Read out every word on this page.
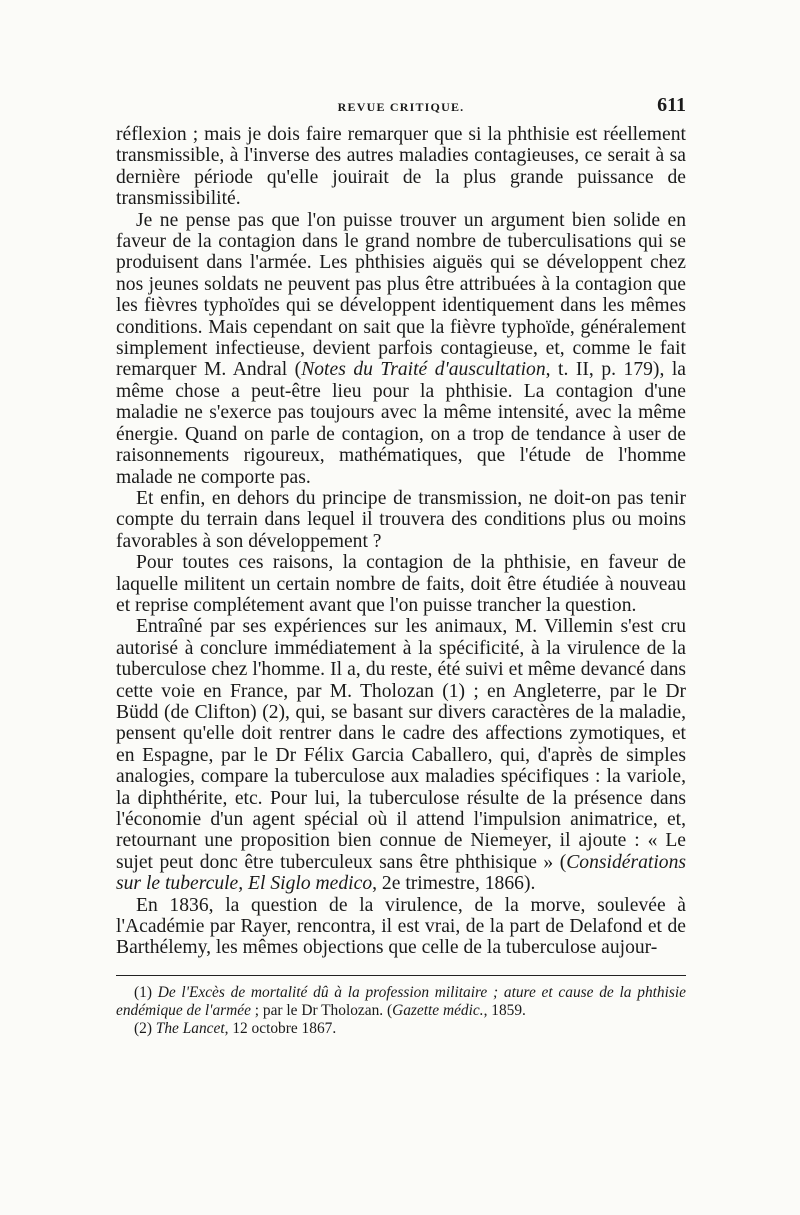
REVUE CRITIQUE.	611

réflexion ; mais je dois faire remarquer que si la phthisie est réellement transmissible, à l'inverse des autres maladies contagieuses, ce serait à sa dernière période qu'elle jouirait de la plus grande puissance de transmissibilité.

Je ne pense pas que l'on puisse trouver un argument bien solide en faveur de la contagion dans le grand nombre de tuberculisations qui se produisent dans l'armée. Les phthisies aiguës qui se développent chez nos jeunes soldats ne peuvent pas plus être attribuées à la contagion que les fièvres typhoïdes qui se développent identiquement dans les mêmes conditions. Mais cependant on sait que la fièvre typhoïde, généralement simplement infectieuse, devient parfois contagieuse, et, comme le fait remarquer M. Andral (Notes du Traité d'auscultation, t. II, p. 179), la même chose a peut-être lieu pour la phthisie. La contagion d'une maladie ne s'exerce pas toujours avec la même intensité, avec la même énergie. Quand on parle de contagion, on a trop de tendance à user de raisonnements rigoureux, mathématiques, que l'étude de l'homme malade ne comporte pas.

Et enfin, en dehors du principe de transmission, ne doit-on pas tenir compte du terrain dans lequel il trouvera des conditions plus ou moins favorables à son développement ?

Pour toutes ces raisons, la contagion de la phthisie, en faveur de laquelle militent un certain nombre de faits, doit être étudiée à nouveau et reprise complétement avant que l'on puisse trancher la question.

Entraîné par ses expériences sur les animaux, M. Villemin s'est cru autorisé à conclure immédiatement à la spécificité, à la virulence de la tuberculose chez l'homme. Il a, du reste, été suivi et même devancé dans cette voie en France, par M. Tholozan (1) ; en Angleterre, par le Dr Büdd (de Clifton) (2), qui, se basant sur divers caractères de la maladie, pensent qu'elle doit rentrer dans le cadre des affections zymotiques, et en Espagne, par le Dr Félix Garcia Caballero, qui, d'après de simples analogies, compare la tuberculose aux maladies spécifiques : la variole, la diphthérite, etc. Pour lui, la tuberculose résulte de la présence dans l'économie d'un agent spécial où il attend l'impulsion animatrice, et, retournant une proposition bien connue de Niemeyer, il ajoute : « Le sujet peut donc être tuberculeux sans être phthisique » (Considérations sur le tubercule, El Siglo medico, 2e trimestre, 1866).

En 1836, la question de la virulence, de la morve, soulevée à l'Académie par Rayer, rencontra, il est vrai, de la part de Delafond et de Barthélemy, les mêmes objections que celle de la tuberculose aujour-

(1) De l'Excès de mortalité dû à la profession militaire ; ature et cause de la phthisie endémique de l'armée ; par le Dr Tholozan. (Gazette médic., 1859.

(2) The Lancet, 12 octobre 1867.
